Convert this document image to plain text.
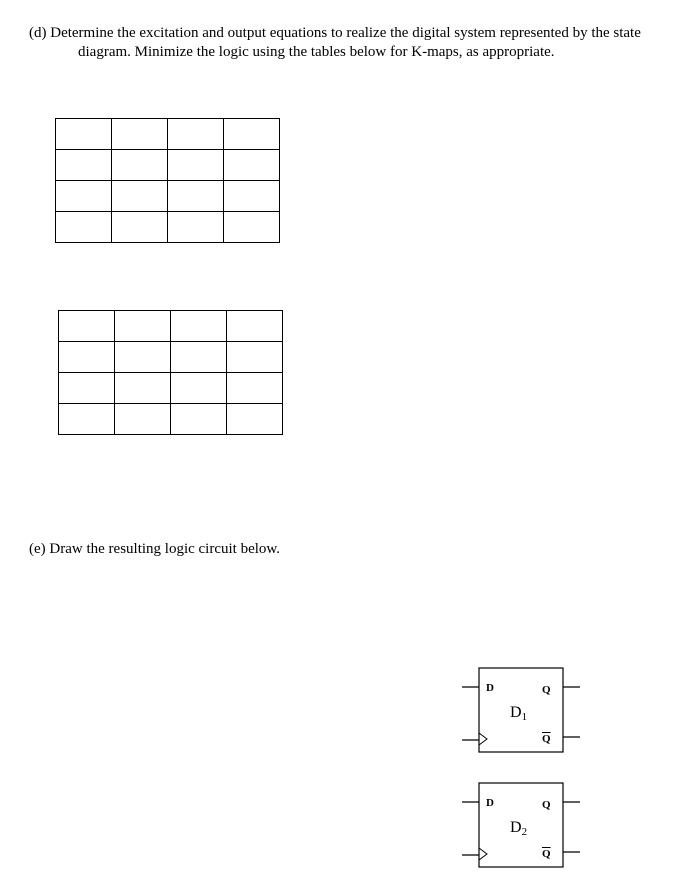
(d) Determine the excitation and output equations to realize the digital system represented by the state
diagram. Minimize the logic using the tables below for K-maps, as appropriate.

(e) Draw the resulting logic circuit below.
D	Q
$\overline{Q}$
$D_1$
D	Q
$\overline{Q}$
$D_2$
